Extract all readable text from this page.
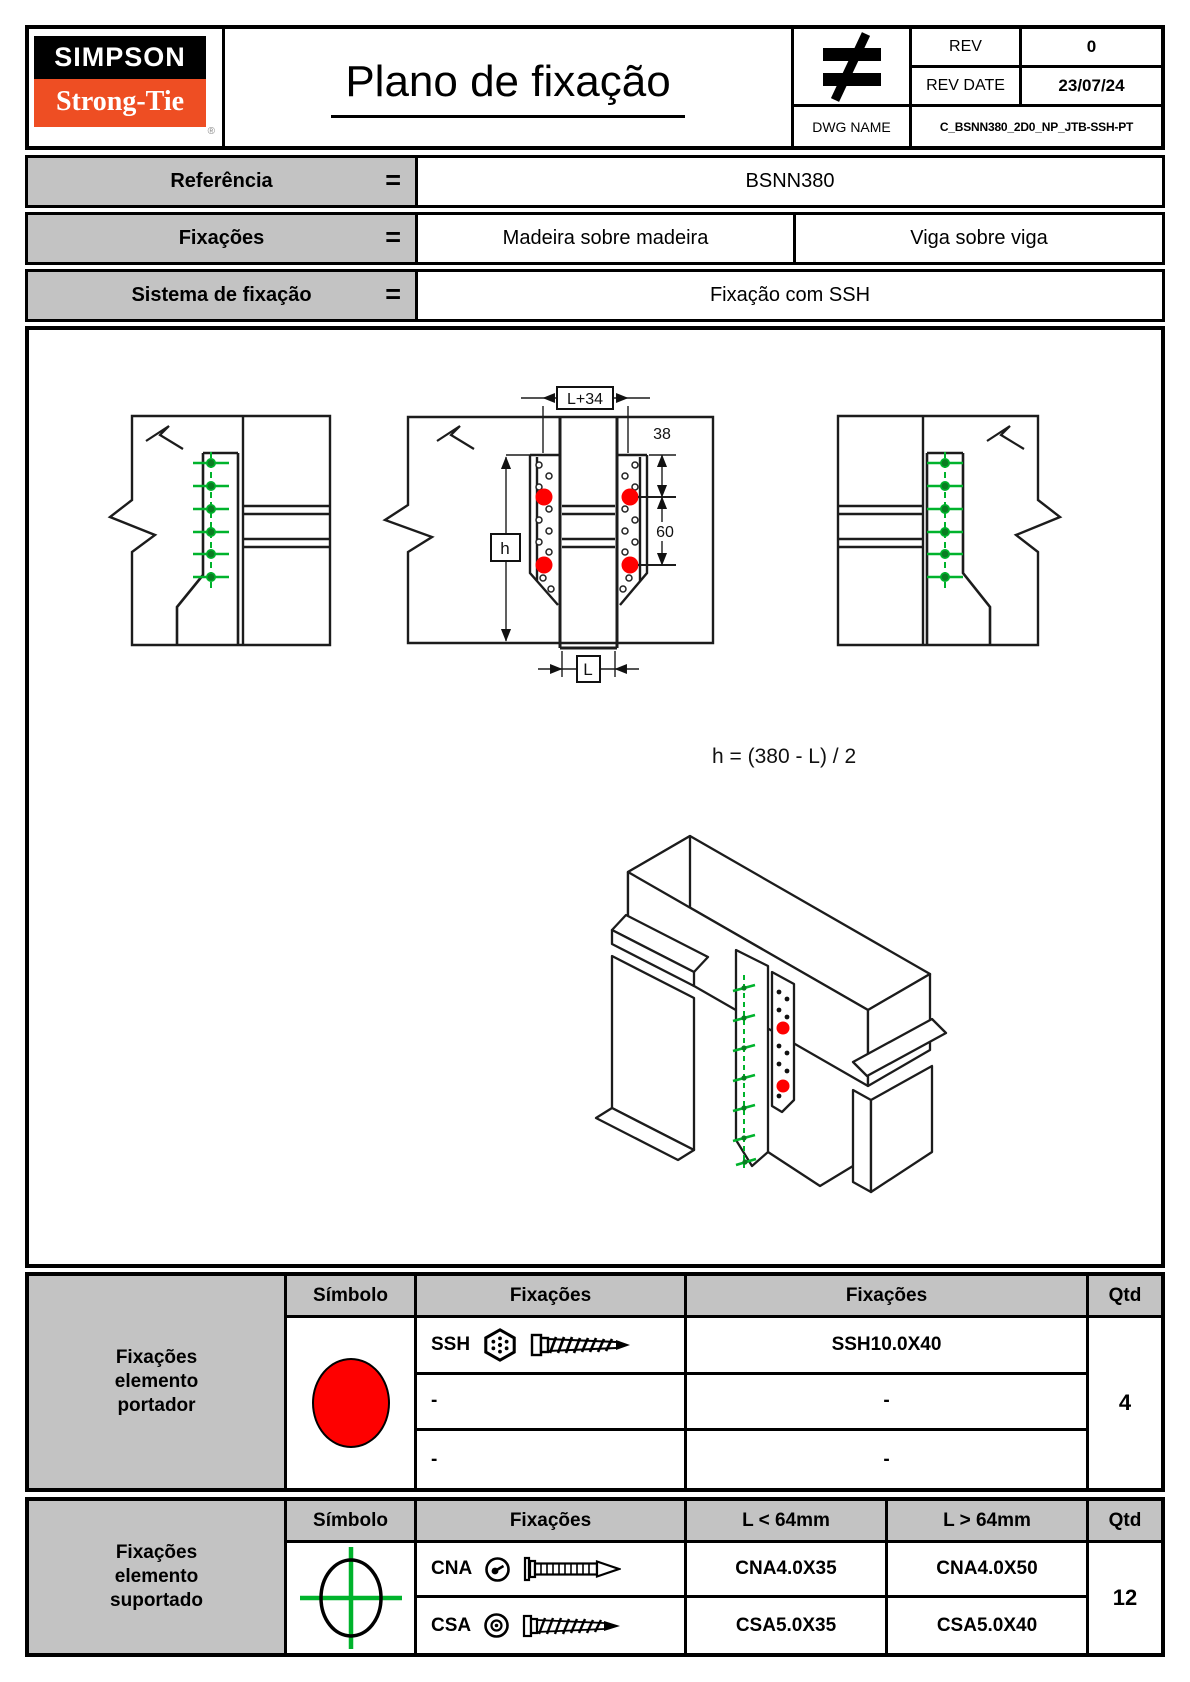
SIMPSON
Strong-Tie
®
Plano de fixação
REV	0
REV DATE	23/07/24
DWG NAME	C_BSNN380_2D0_NP_JTB-SSH-PT
Referência	=	BSNN380
Fixações	=	Madeira sobre madeira	Viga sobre viga
Sistema de fixação	=	Fixação com SSH
L+34
38
60
h
L
h = (380 - L) / 2
Fixações elemento portador
Símbolo	Fixações	Fixações	Qtd
SSH	SSH10.0X40
-	-
-	-
4
Fixações elemento suportado
Símbolo	Fixações	L < 64mm	L > 64mm	Qtd
CNA	CNA4.0X35	CNA4.0X50
CSA	CSA5.0X35	CSA5.0X40
12
